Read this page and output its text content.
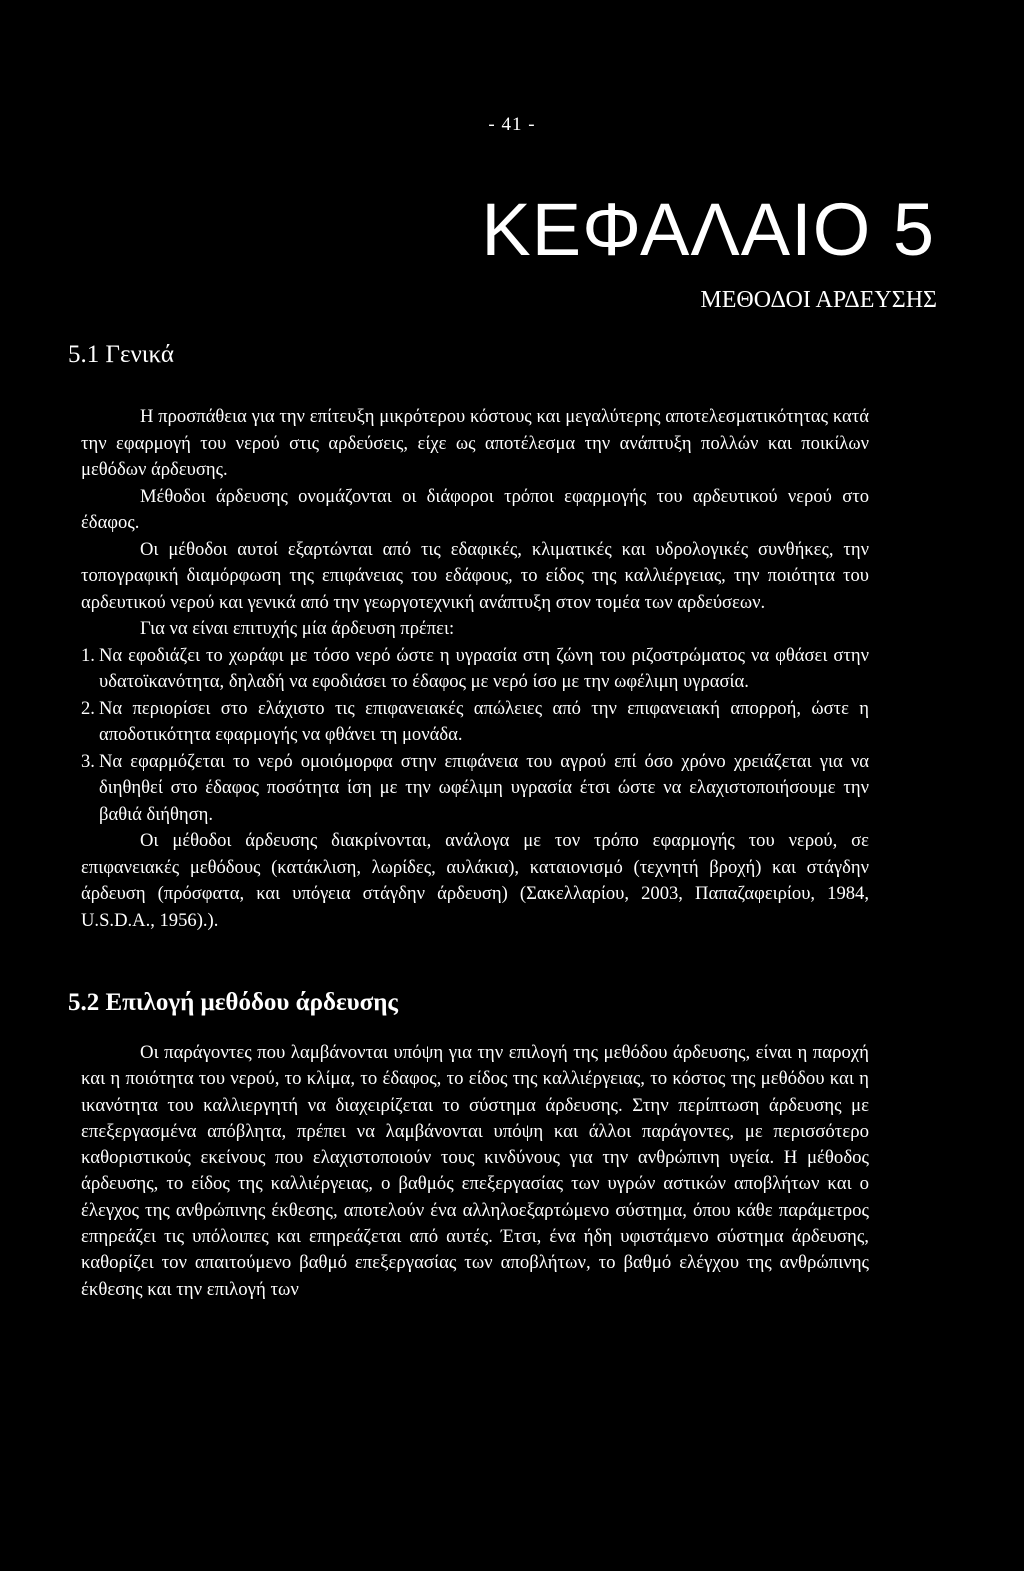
- 41 -
ΚΕΦΑΛΑΙΟ 5
ΜΕΘΟΔΟΙ ΑΡΔΕΥΣΗΣ
5.1 Γενικά

Η προσπάθεια για την επίτευξη μικρότερου κόστους και μεγαλύτερης αποτελεσματικότητας κατά την εφαρμογή του νερού στις αρδεύσεις, είχε ως αποτέλεσμα την ανάπτυξη πολλών και ποικίλων μεθόδων άρδευσης.

Μέθοδοι άρδευσης ονομάζονται οι διάφοροι τρόποι εφαρμογής του αρδευτικού νερού στο έδαφος.

Οι μέθοδοι αυτοί εξαρτώνται από τις εδαφικές, κλιματικές και υδρολογικές συνθήκες, την τοπογραφική διαμόρφωση της επιφάνειας του εδάφους, το είδος της καλλιέργειας, την ποιότητα του αρδευτικού νερού και γενικά από την γεωργοτεχνική ανάπτυξη στον τομέα των αρδεύσεων.

Για να είναι επιτυχής μία άρδευση πρέπει:

1. Να εφοδιάζει το χωράφι με τόσο νερό ώστε η υγρασία στη ζώνη του ριζοστρώματος να φθάσει στην υδατοϊκανότητα, δηλαδή να εφοδιάσει το έδαφος με νερό ίσο με την ωφέλιμη υγρασία.
2. Να περιορίσει στο ελάχιστο τις επιφανειακές απώλειες από την επιφανειακή απορροή, ώστε η αποδοτικότητα εφαρμογής να φθάνει τη μονάδα.
3. Να εφαρμόζεται το νερό ομοιόμορφα στην επιφάνεια του αγρού επί όσο χρόνο χρειάζεται για να διηθηθεί στο έδαφος ποσότητα ίση με την ωφέλιμη υγρασία έτσι ώστε να ελαχιστοποιήσουμε την βαθιά διήθηση.

Οι μέθοδοι άρδευσης διακρίνονται, ανάλογα με τον τρόπο εφαρμογής του νερού, σε επιφανειακές μεθόδους (κατάκλιση, λωρίδες, αυλάκια), καταιονισμό (τεχνητή βροχή) και στάγδην άρδευση (πρόσφατα, και υπόγεια στάγδην άρδευση) (Σακελλαρίου, 2003, Παπαζαφειρίου, 1984, U.S.D.A., 1956).).

5.2 Επιλογή μεθόδου άρδευσης

Οι παράγοντες που λαμβάνονται υπόψη για την επιλογή της μεθόδου άρδευσης, είναι η παροχή και η ποιότητα του νερού, το κλίμα, το έδαφος, το είδος της καλλιέργειας, το κόστος της μεθόδου και η ικανότητα του καλλιεργητή να διαχειρίζεται το σύστημα άρδευσης. Στην περίπτωση άρδευσης με επεξεργασμένα απόβλητα, πρέπει να λαμβάνονται υπόψη και άλλοι παράγοντες, με περισσότερο καθοριστικούς εκείνους που ελαχιστοποιούν τους κινδύνους για την ανθρώπινη υγεία. Η μέθοδος άρδευσης, το είδος της καλλιέργειας, ο βαθμός επεξεργασίας των υγρών αστικών αποβλήτων και ο έλεγχος της ανθρώπινης έκθεσης, αποτελούν ένα αλληλοεξαρτώμενο σύστημα, όπου κάθε παράμετρος επηρεάζει τις υπόλοιπες και επηρεάζεται από αυτές. Έτσι, ένα ήδη υφιστάμενο σύστημα άρδευσης, καθορίζει τον απαιτούμενο βαθμό επεξεργασίας των αποβλήτων, το βαθμό ελέγχου της ανθρώπινης έκθεσης και την επιλογή των
